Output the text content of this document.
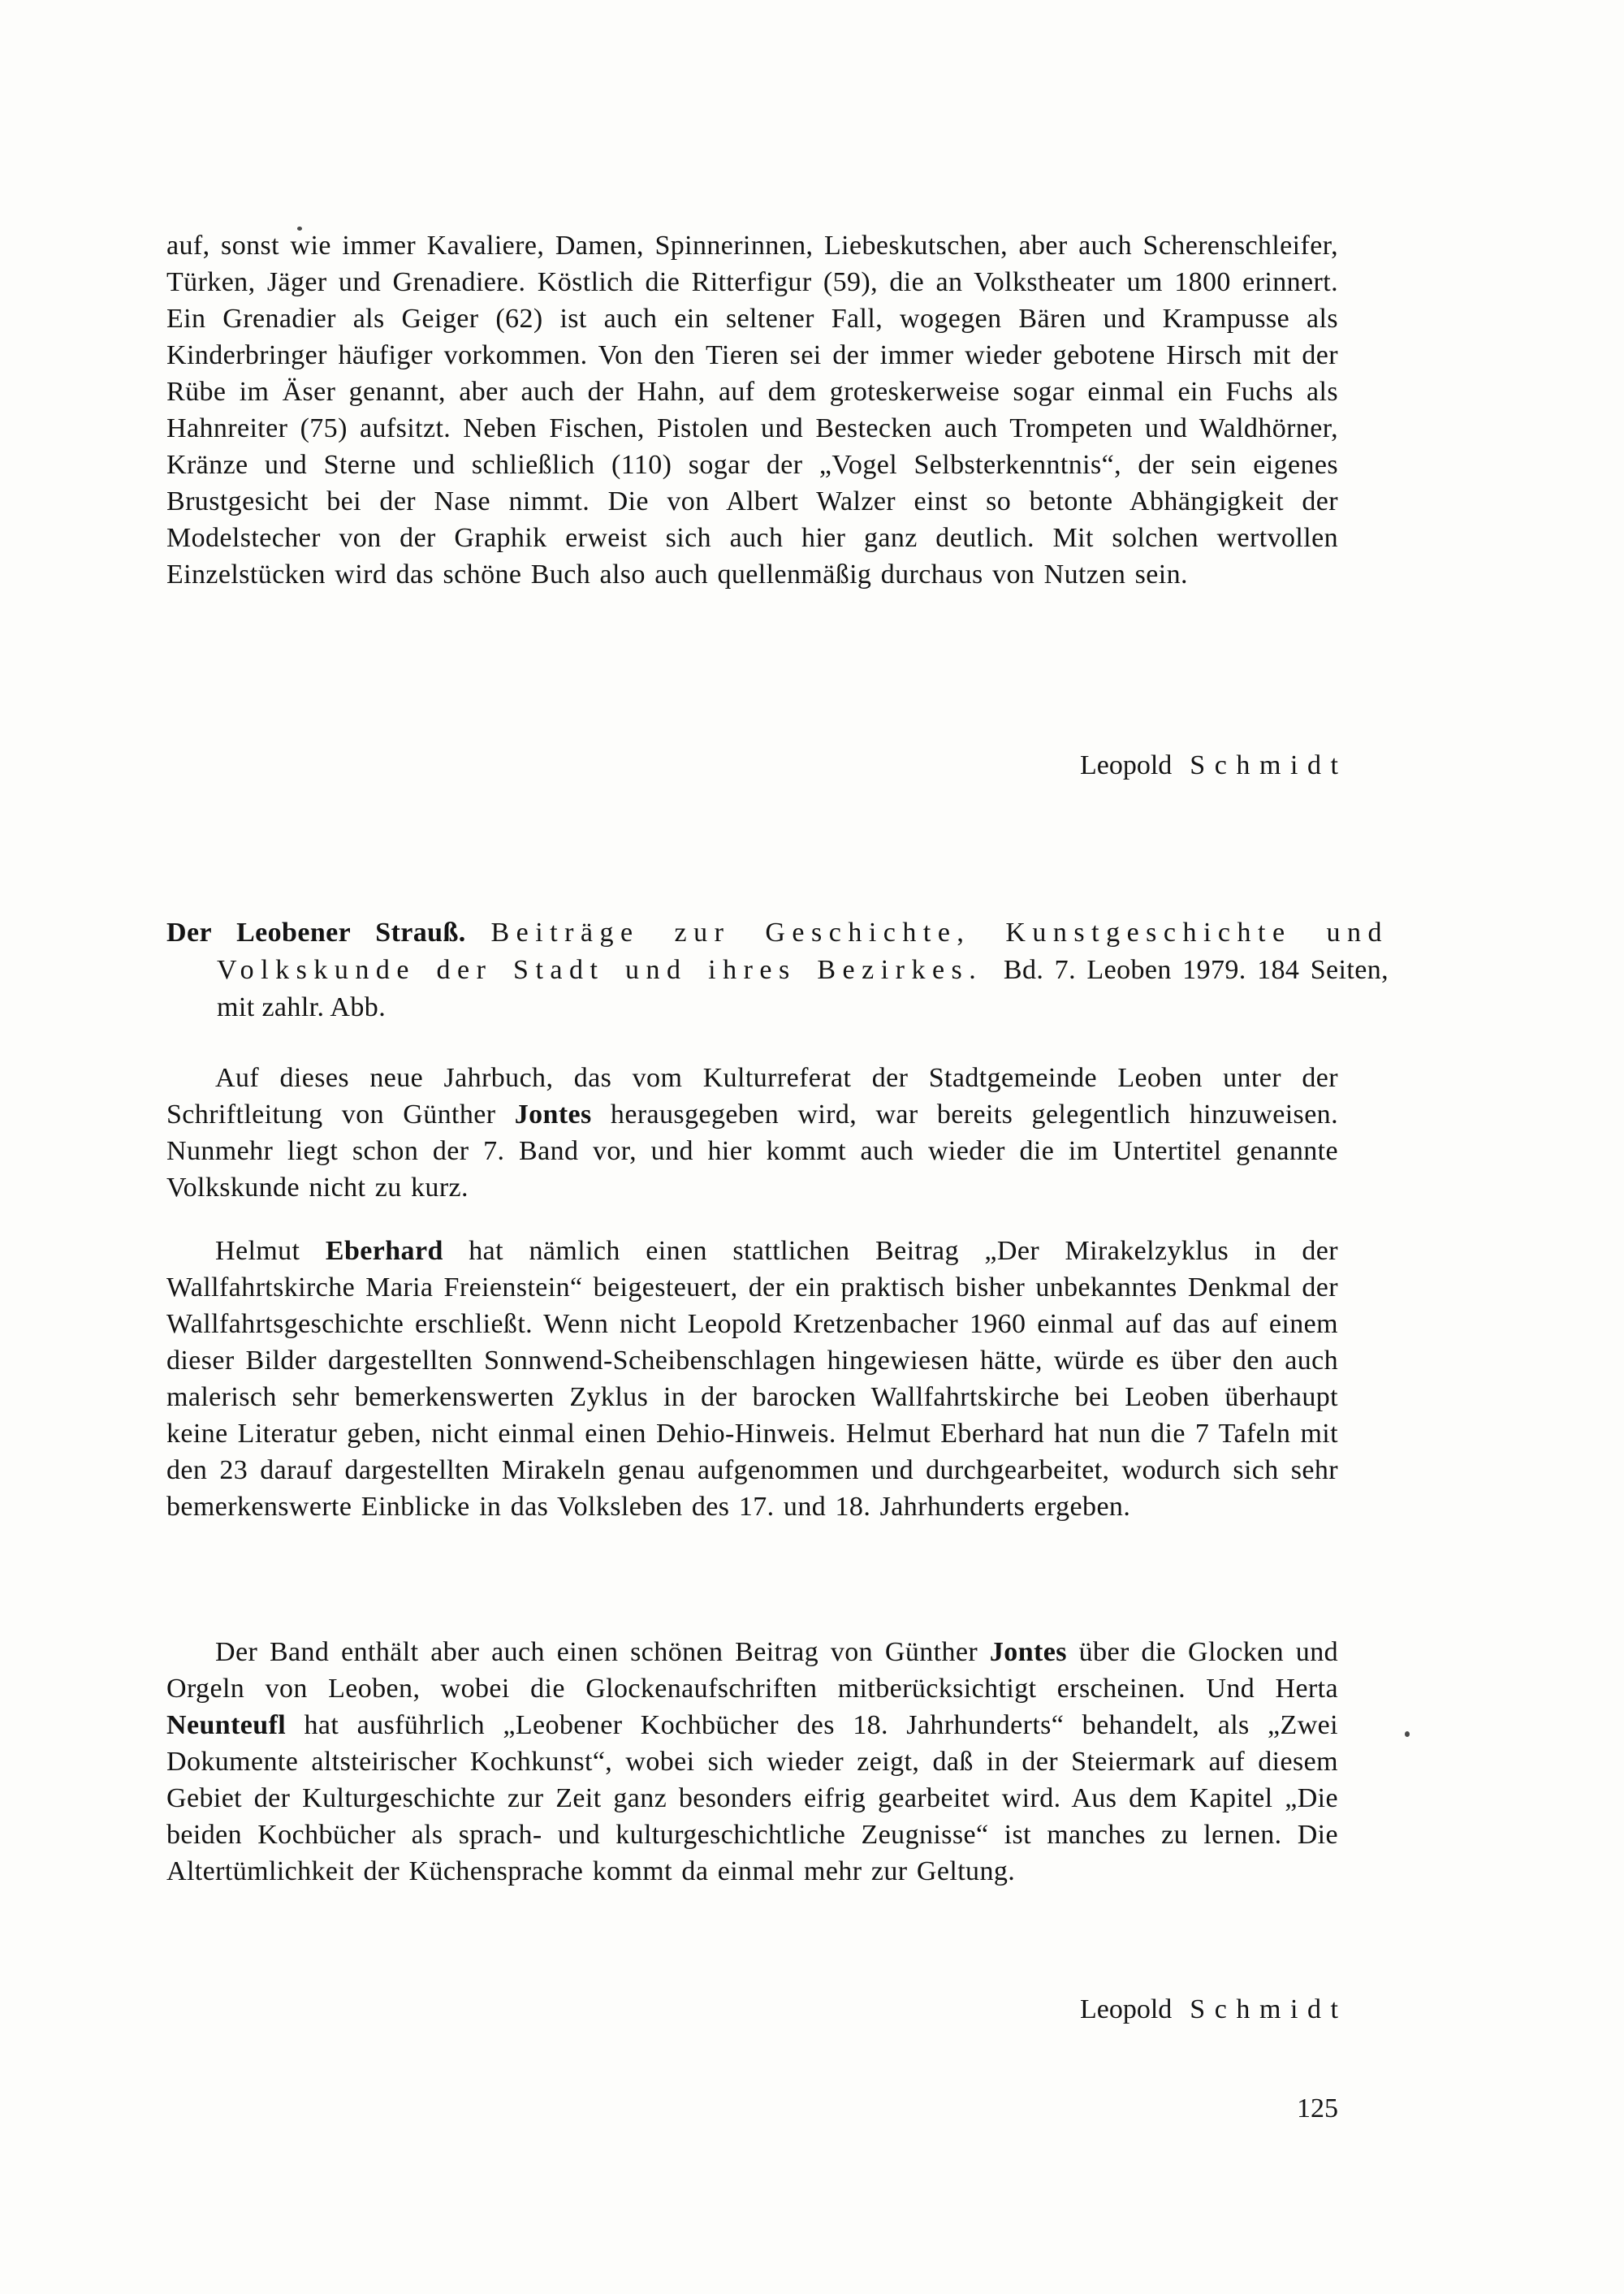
auf, sonst wie immer Kavaliere, Damen, Spinnerinnen, Liebeskutschen, aber auch Scherenschleifer, Türken, Jäger und Grenadiere. Köstlich die Ritterfigur (59), die an Volkstheater um 1800 erinnert. Ein Grenadier als Geiger (62) ist auch ein seltener Fall, wogegen Bären und Krampusse als Kinderbringer häufiger vorkommen. Von den Tieren sei der immer wieder gebotene Hirsch mit der Rübe im Äser genannt, aber auch der Hahn, auf dem groteskerweise sogar einmal ein Fuchs als Hahnreiter (75) aufsitzt. Neben Fischen, Pistolen und Bestecken auch Trompeten und Waldhörner, Kränze und Sterne und schließlich (110) sogar der „Vogel Selbsterkenntnis“, der sein eigenes Brustgesicht bei der Nase nimmt. Die von Albert Walzer einst so betonte Abhängigkeit der Modelstecher von der Graphik erweist sich auch hier ganz deutlich. Mit solchen wertvollen Einzelstücken wird das schöne Buch also auch quellenmäßig durchaus von Nutzen sein.

Leopold Schmidt

Der Leobener Strauß. Beiträge zur Geschichte, Kunstgeschichte und Volkskunde der Stadt und ihres Bezirkes. Bd. 7. Leoben 1979. 184 Seiten, mit zahlr. Abb.

Auf dieses neue Jahrbuch, das vom Kulturreferat der Stadtgemeinde Leoben unter der Schriftleitung von Günther Jontes herausgegeben wird, war bereits gelegentlich hinzuweisen. Nunmehr liegt schon der 7. Band vor, und hier kommt auch wieder die im Untertitel genannte Volkskunde nicht zu kurz.

Helmut Eberhard hat nämlich einen stattlichen Beitrag „Der Mirakelzyklus in der Wallfahrtskirche Maria Freienstein“ beigesteuert, der ein praktisch bisher unbekanntes Denkmal der Wallfahrtsgeschichte erschließt. Wenn nicht Leopold Kretzenbacher 1960 einmal auf das auf einem dieser Bilder dargestellten Sonnwend-Scheibenschlagen hingewiesen hätte, würde es über den auch malerisch sehr bemerkenswerten Zyklus in der barocken Wallfahrtskirche bei Leoben überhaupt keine Literatur geben, nicht einmal einen Dehio-Hinweis. Helmut Eberhard hat nun die 7 Tafeln mit den 23 darauf dargestellten Mirakeln genau aufgenommen und durchgearbeitet, wodurch sich sehr bemerkenswerte Einblicke in das Volksleben des 17. und 18. Jahrhunderts ergeben.

Der Band enthält aber auch einen schönen Beitrag von Günther Jontes über die Glocken und Orgeln von Leoben, wobei die Glockenaufschriften mitberücksichtigt erscheinen. Und Herta Neunteufl hat ausführlich „Leobener Kochbücher des 18. Jahrhunderts“ behandelt, als „Zwei Dokumente altsteirischer Kochkunst“, wobei sich wieder zeigt, daß in der Steiermark auf diesem Gebiet der Kulturgeschichte zur Zeit ganz besonders eifrig gearbeitet wird. Aus dem Kapitel „Die beiden Kochbücher als sprach- und kulturgeschichtliche Zeugnisse“ ist manches zu lernen. Die Altertümlichkeit der Küchensprache kommt da einmal mehr zur Geltung.

Leopold Schmidt
125
